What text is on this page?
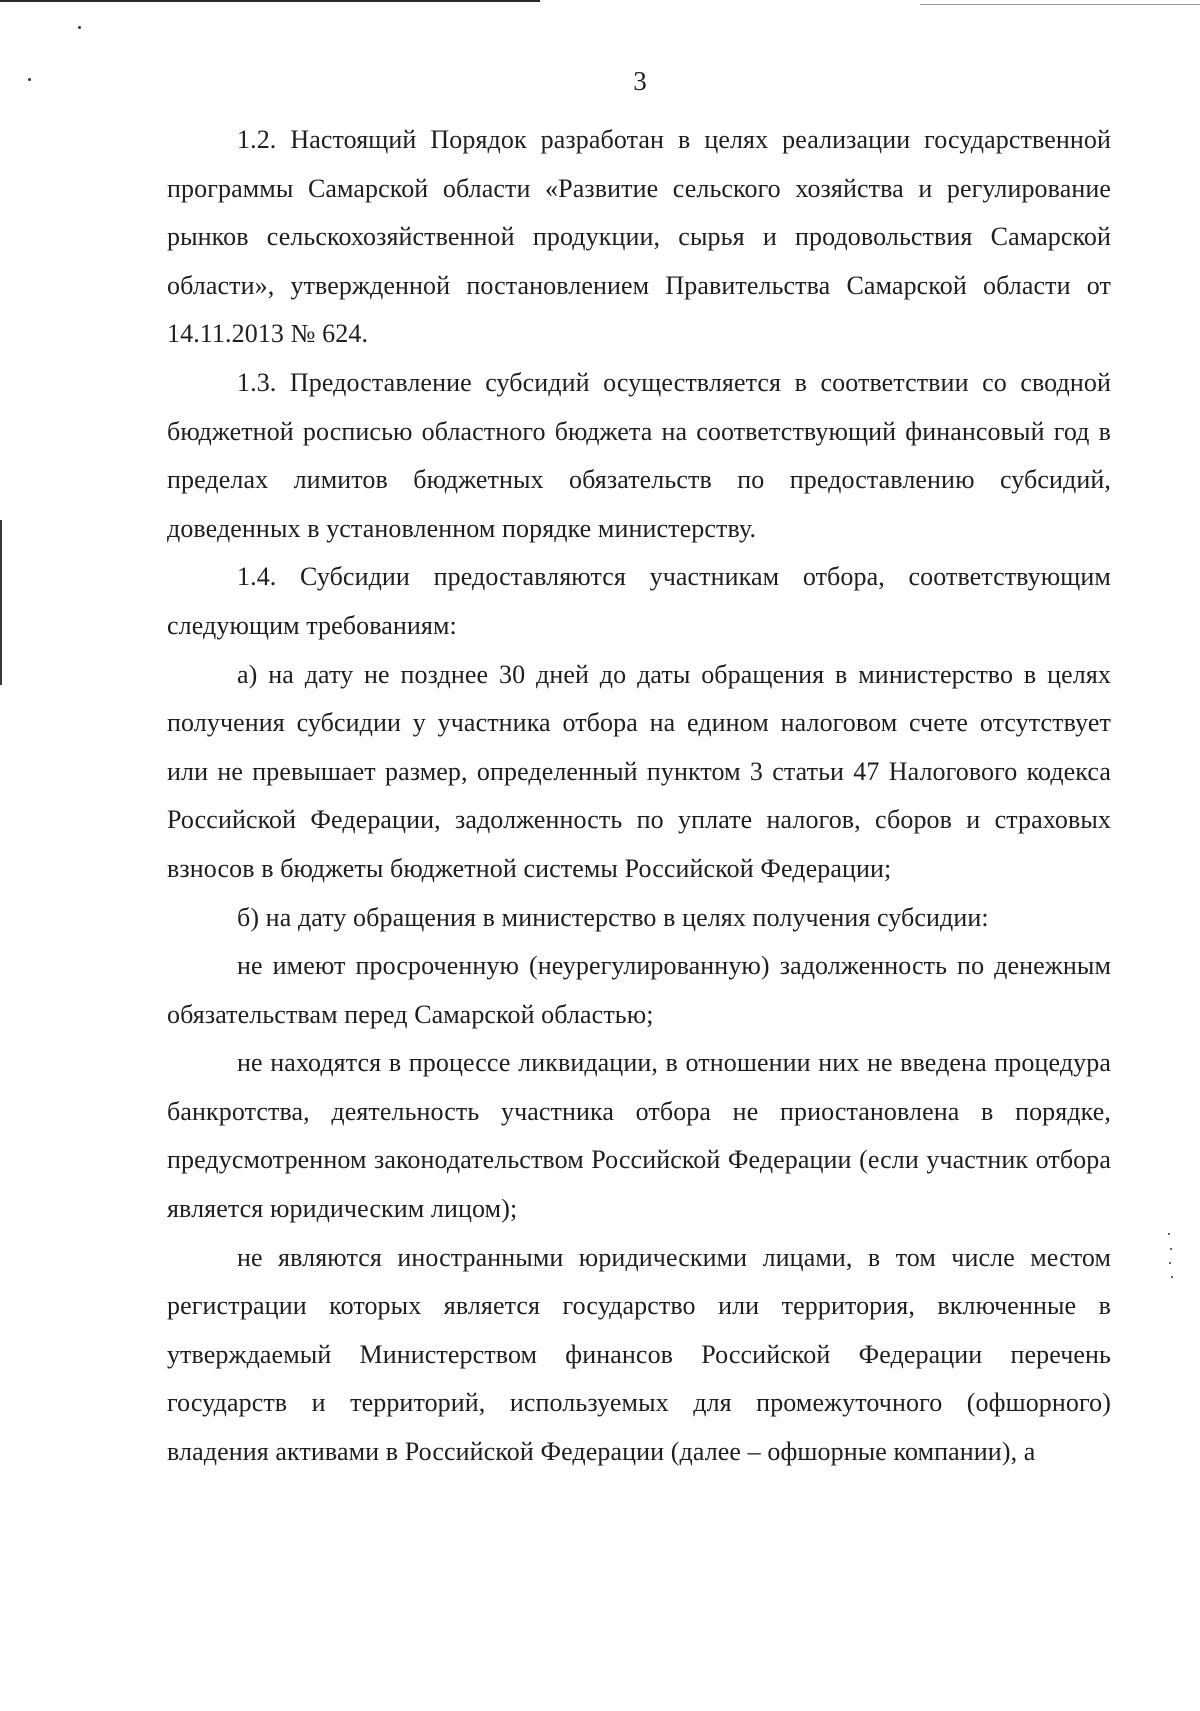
3

1.2. Настоящий Порядок разработан в целях реализации государственной программы Самарской области «Развитие сельского хозяйства и регулирование рынков сельскохозяйственной продукции, сырья и продовольствия Самарской области», утвержденной постановлением Правительства Самарской области от 14.11.2013 № 624.

1.3. Предоставление субсидий осуществляется в соответствии со сводной бюджетной росписью областного бюджета на соответствующий финансовый год в пределах лимитов бюджетных обязательств по предоставлению субсидий, доведенных в установленном порядке министерству.

1.4. Субсидии предоставляются участникам отбора, соответствующим следующим требованиям:

а) на дату не позднее 30 дней до даты обращения в министерство в целях получения субсидии у участника отбора на едином налоговом счете отсутствует или не превышает размер, определенный пунктом 3 статьи 47 Налогового кодекса Российской Федерации, задолженность по уплате налогов, сборов и страховых взносов в бюджеты бюджетной системы Российской Федерации;

б) на дату обращения в министерство в целях получения субсидии:

не имеют просроченную (неурегулированную) задолженность по денежным обязательствам перед Самарской областью;

не находятся в процессе ликвидации, в отношении них не введена процедура банкротства, деятельность участника отбора не приостановлена в порядке, предусмотренном законодательством Российской Федерации (если участник отбора является юридическим лицом);

не являются иностранными юридическими лицами, в том числе местом регистрации которых является государство или территория, включенные в утверждаемый Министерством финансов Российской Федерации перечень государств и территорий, используемых для промежуточного (офшорного) владения активами в Российской Федерации (далее – офшорные компании), а
